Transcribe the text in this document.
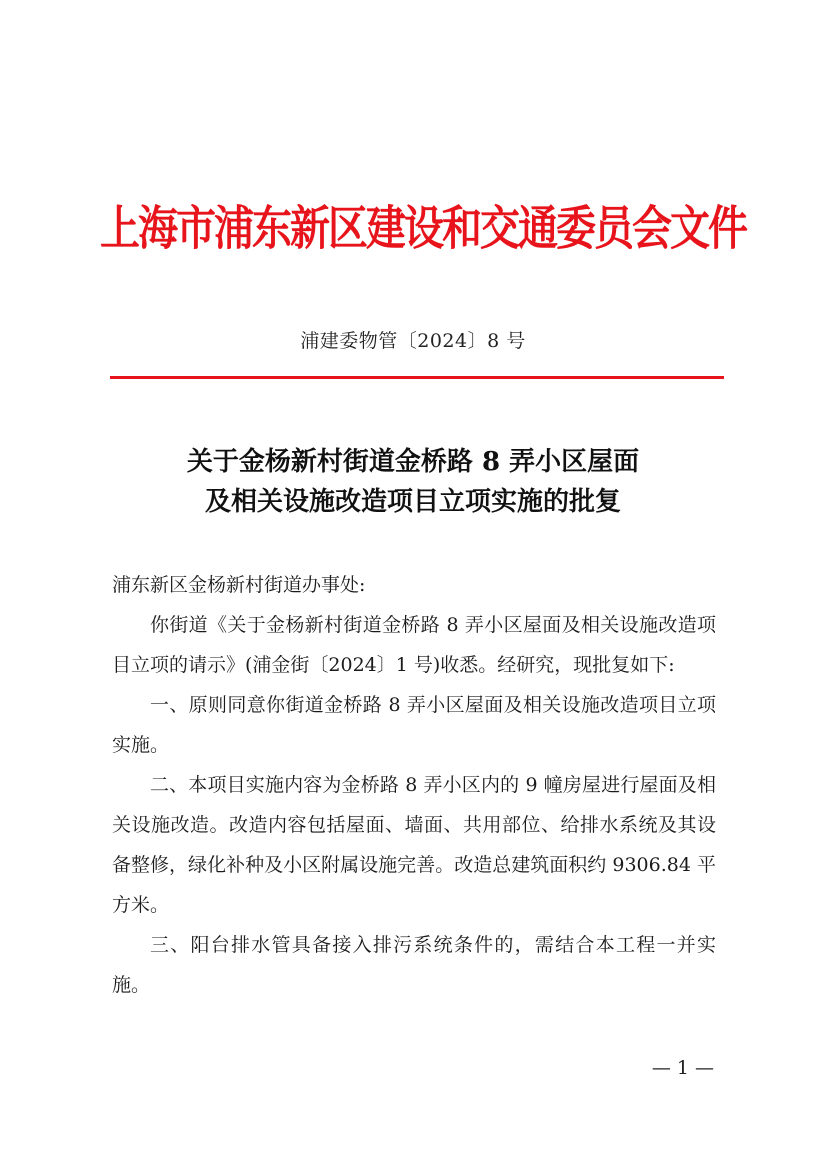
上海市浦东新区建设和交通委员会文件
浦建委物管〔2024〕8 号
关于金杨新村街道金桥路 8 弄小区屋面
及相关设施改造项目立项实施的批复

浦东新区金杨新村街道办事处:

你街道《关于金杨新村街道金桥路 8 弄小区屋面及相关设施改造项目立项的请示》(浦金街〔2024〕1 号)收悉。经研究，现批复如下:

一、原则同意你街道金桥路 8 弄小区屋面及相关设施改造项目立项实施。

二、本项目实施内容为金桥路 8 弄小区内的 9 幢房屋进行屋面及相关设施改造。改造内容包括屋面、墙面、共用部位、给排水系统及其设备整修，绿化补种及小区附属设施完善。改造总建筑面积约 9306.84 平方米。

三、阳台排水管具备接入排污系统条件的，需结合本工程一并实施。

— 1 —
